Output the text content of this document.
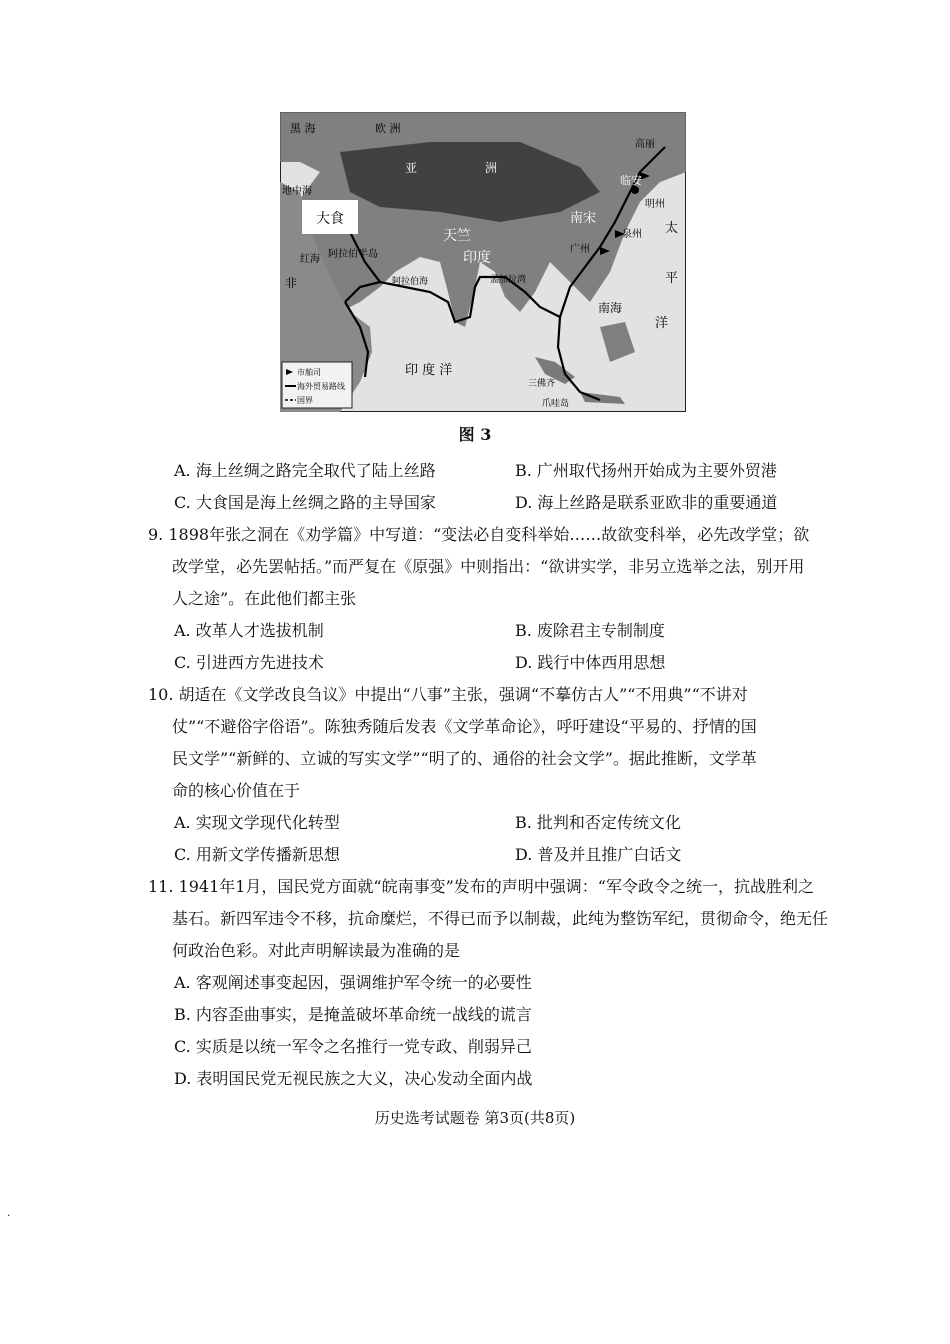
大食
欧 洲
黑 海
地中海
非
阿拉伯半岛
红海
阿拉伯海
亚	洲
天竺
印度
孟加拉湾
南宋
临安
明州
泉州
广州
高丽
太
平
洋
印 度 洋
南海
三佛齐
爪哇岛
市舶司
海外贸易路线
国界
图 3
A. 海上丝绸之路完全取代了陆上丝路	B. 广州取代扬州开始成为主要外贸港
C. 大食国是海上丝绸之路的主导国家	D. 海上丝路是联系亚欧非的重要通道
9. 1898年张之洞在《劝学篇》中写道：“变法必自变科举始……故欲变科举，必先改学堂；欲
改学堂，必先罢帖括。”而严复在《原强》中则指出：“欲讲实学，非另立选举之法，别开用
人之途”。在此他们都主张
A. 改革人才选拔机制	B. 废除君主专制制度
C. 引进西方先进技术	D. 践行中体西用思想
10. 胡适在《文学改良刍议》中提出“八事”主张，强调“不摹仿古人”“不用典”“不讲对
仗”“不避俗字俗语”。陈独秀随后发表《文学革命论》，呼吁建设“平易的、抒情的国
民文学”“新鲜的、立诚的写实文学”“明了的、通俗的社会文学”。据此推断，文学革
命的核心价值在于
A. 实现文学现代化转型	B. 批判和否定传统文化
C. 用新文学传播新思想	D. 普及并且推广白话文
11. 1941年1月，国民党方面就“皖南事变”发布的声明中强调：“军令政令之统一，抗战胜利之
基石。新四军违令不移，抗命糜烂，不得已而予以制裁，此纯为整饬军纪，贯彻命令，绝无任
何政治色彩。对此声明解读最为准确的是
A. 客观阐述事变起因，强调维护军令统一的必要性
B. 内容歪曲事实，是掩盖破坏革命统一战线的谎言
C. 实质是以统一军令之名推行一党专政、削弱异己
D. 表明国民党无视民族之大义，决心发动全面内战
历史选考试题卷 第3页(共8页)
.
